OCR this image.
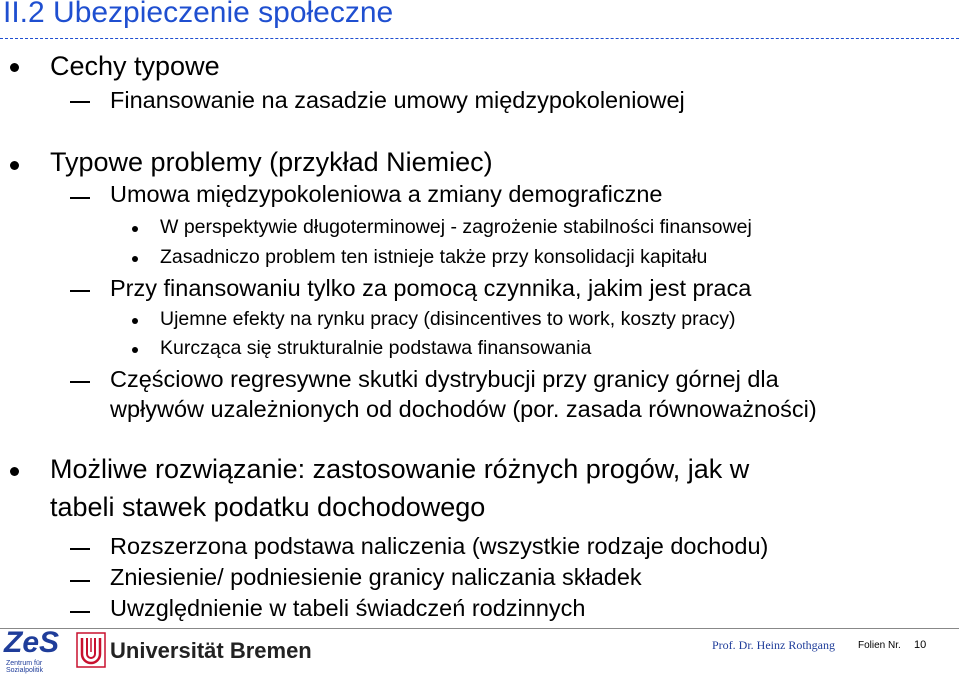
II.2 Ubezpieczenie społeczne
Cechy typowe
Finansowanie na zasadzie umowy międzypokoleniowej
Typowe problemy (przykład Niemiec)
Umowa międzypokoleniowa a zmiany demograficzne
W perspektywie długoterminowej - zagrożenie stabilności finansowej
Zasadniczo problem ten istnieje także przy konsolidacji kapitału
Przy finansowaniu tylko za pomocą czynnika, jakim jest praca
Ujemne efekty na rynku pracy (disincentives to work, koszty pracy)
Kurcząca się strukturalnie podstawa finansowania
Częściowo regresywne skutki dystrybucji przy granicy górnej dla
wpływów uzależnionych od dochodów (por. zasada równoważności)
Możliwe rozwiązanie: zastosowanie różnych progów, jak w
tabeli stawek podatku dochodowego
Rozszerzona podstawa naliczenia (wszystkie rodzaje dochodu)
Zniesienie/ podniesienie granicy naliczania składek
Uwzględnienie w tabeli świadczeń rodzinnych
ZeS
Zentrum für
Sozialpolitik
Universität Bremen	Prof. Dr. Heinz Rothgang Folien Nr. 10
